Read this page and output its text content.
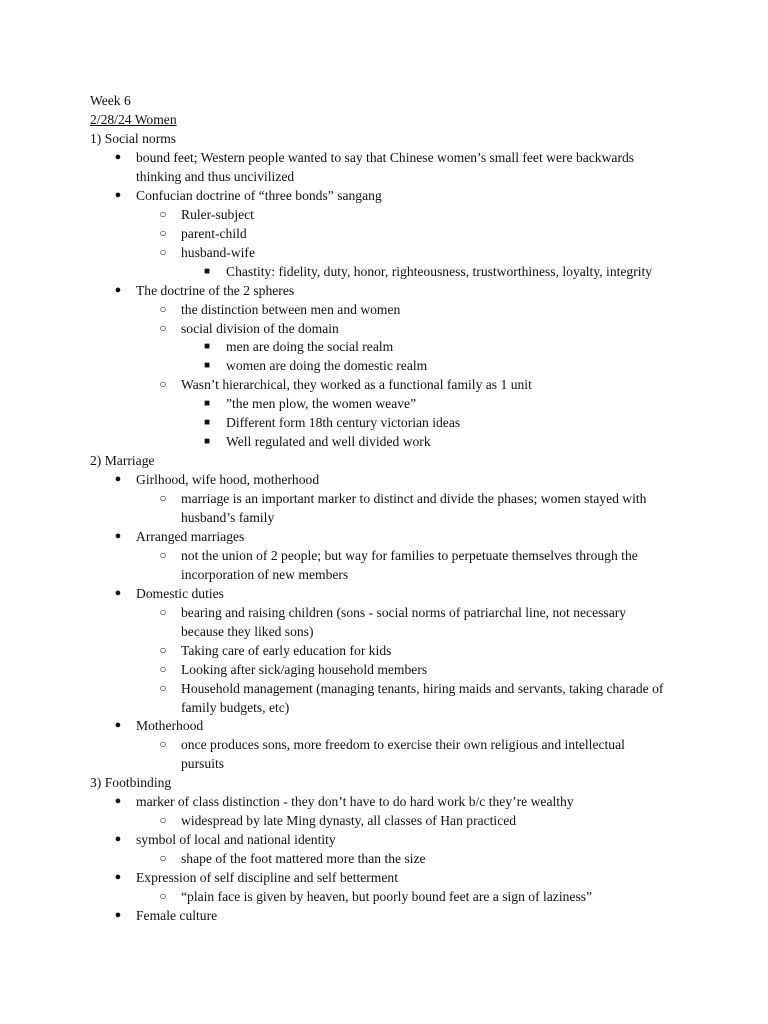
Week 6
2/28/24 Women
1) Social norms
●	bound feet; Western people wanted to say that Chinese women’s small feet were backwards
thinking and thus uncivilized
●	Confucian doctrine of “three bonds” sangang
○	Ruler-subject
○	parent-child
○	husband-wife
■	Chastity: fidelity, duty, honor, righteousness, trustworthiness, loyalty, integrity
●	The doctrine of the 2 spheres
○	the distinction between men and women
○	social division of the domain
■	men are doing the social realm
■	women are doing the domestic realm
○	Wasn’t hierarchical, they worked as a functional family as 1 unit
■	”the men plow, the women weave”
■	Different form 18th century victorian ideas
■	Well regulated and well divided work
2) Marriage
●	Girlhood, wife hood, motherhood
○	marriage is an important marker to distinct and divide the phases; women stayed with
husband’s family
●	Arranged marriages
○	not the union of 2 people; but way for families to perpetuate themselves through the
incorporation of new members
●	Domestic duties
○	bearing and raising children (sons - social norms of patriarchal line, not necessary
because they liked sons)
○	Taking care of early education for kids
○	Looking after sick/aging household members
○	Household management (managing tenants, hiring maids and servants, taking charade of
family budgets, etc)
●	Motherhood
○	once produces sons, more freedom to exercise their own religious and intellectual
pursuits
3) Footbinding
●	marker of class distinction - they don’t have to do hard work b/c they’re wealthy
○	widespread by late Ming dynasty, all classes of Han practiced
●	symbol of local and national identity
○	shape of the foot mattered more than the size
●	Expression of self discipline and self betterment
○	“plain face is given by heaven, but poorly bound feet are a sign of laziness”
●	Female culture
